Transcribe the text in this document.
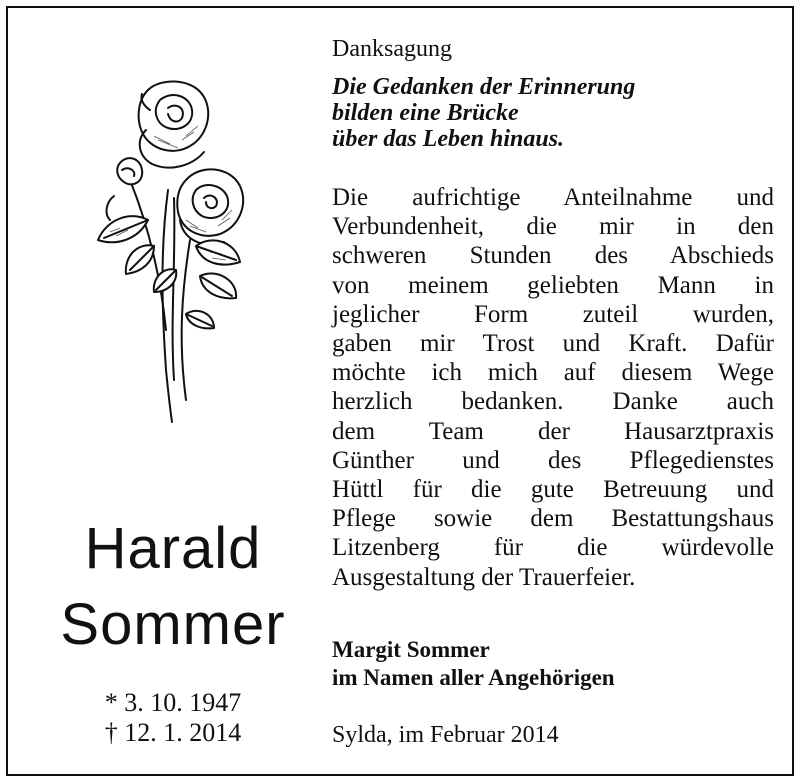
Harald
Sommer
* 3. 10. 1947
† 12. 1. 2014
Danksagung
Die Gedanken der Erinnerung
bilden eine Brücke
über das Leben hinaus.
Die aufrichtige Anteilnahme und
Verbundenheit, die mir in den
schweren Stunden des Abschieds
von meinem geliebten Mann in
jeglicher Form zuteil wurden,
gaben mir Trost und Kraft. Dafür
möchte ich mich auf diesem Wege
herzlich bedanken. Danke auch
dem Team der Hausarztpraxis
Günther und des Pflegedienstes
Hüttl für die gute Betreuung und
Pflege sowie dem Bestattungshaus
Litzenberg für die würdevolle
Ausgestaltung der Trauerfeier.
Margit Sommer
im Namen aller Angehörigen
Sylda, im Februar 2014
